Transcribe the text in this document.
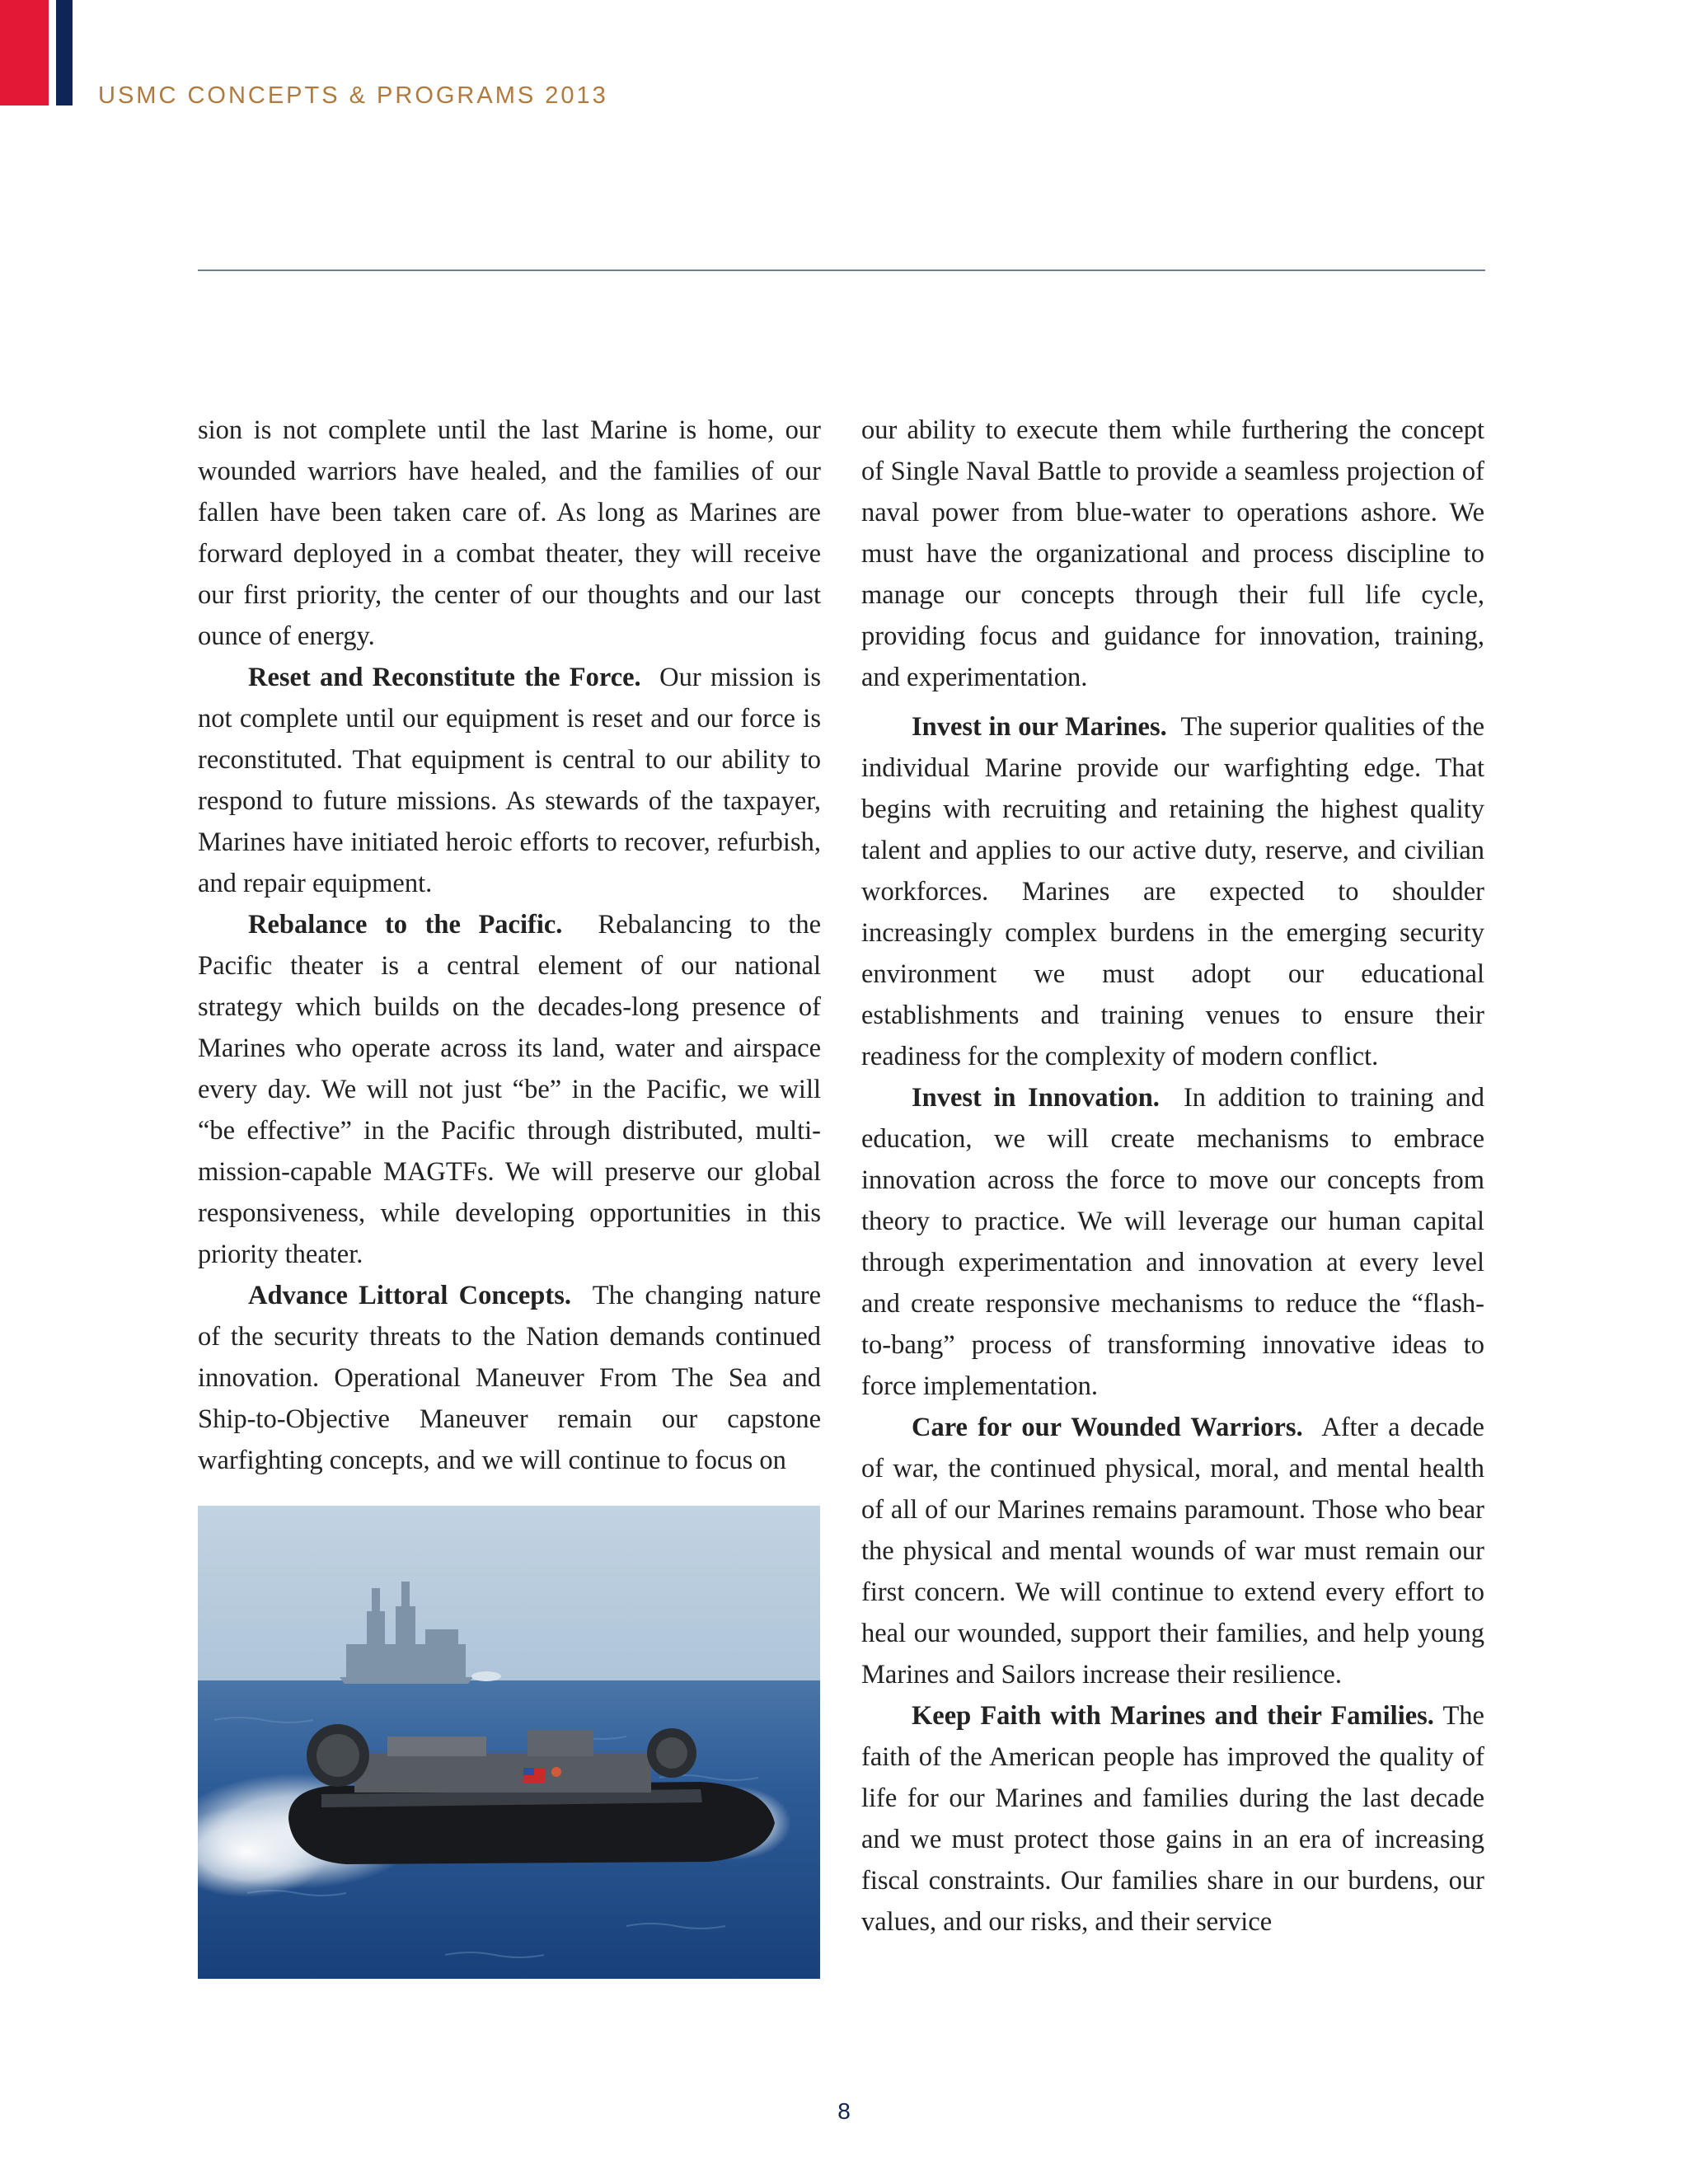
USMC CONCEPTS & PROGRAMS 2013

sion is not complete until the last Marine is home, our wounded warriors have healed, and the families of our fallen have been taken care of. As long as Marines are forward deployed in a combat theater, they will receive our first priority, the center of our thoughts and our last ounce of energy.

Reset and Reconstitute the Force. Our mission is not complete until our equipment is reset and our force is reconstituted. That equipment is central to our ability to respond to future missions. As stewards of the taxpayer, Marines have initiated heroic efforts to recover, refurbish, and repair equipment.

Rebalance to the Pacific. Rebalancing to the Pacific theater is a central element of our national strategy which builds on the decades-long presence of Marines who operate across its land, water and airspace every day. We will not just “be” in the Pacific, we will “be effective” in the Pacific through distributed, multi-mission-capable MAGTFs. We will preserve our global responsiveness, while developing opportunities in this priority theater.

Advance Littoral Concepts. The changing nature of the security threats to the Nation demands continued innovation. Operational Maneuver From The Sea and Ship-to-Objective Maneuver remain our capstone warfighting concepts, and we will continue to focus on

our ability to execute them while furthering the concept of Single Naval Battle to provide a seamless projection of naval power from blue-water to operations ashore. We must have the organizational and process discipline to manage our concepts through their full life cycle, providing focus and guidance for innovation, training, and experimentation.

Invest in our Marines. The superior qualities of the individual Marine provide our warfighting edge. That begins with recruiting and retaining the highest quality talent and applies to our active duty, reserve, and civilian workforces. Marines are expected to shoulder increasingly complex burdens in the emerging security environment we must adopt our educational establishments and training venues to ensure their readiness for the complexity of modern conflict.

Invest in Innovation. In addition to training and education, we will create mechanisms to embrace innovation across the force to move our concepts from theory to practice. We will leverage our human capital through experimentation and innovation at every level and create responsive mechanisms to reduce the “flash-to-bang” process of transforming innovative ideas to force implementation.

Care for our Wounded Warriors. After a decade of war, the continued physical, moral, and mental health of all of our Marines remains paramount. Those who bear the physical and mental wounds of war must remain our first concern. We will continue to extend every effort to heal our wounded, support their families, and help young Marines and Sailors increase their resilience.

Keep Faith with Marines and their Families. The faith of the American people has improved the quality of life for our Marines and families during the last decade and we must protect those gains in an era of increasing fiscal constraints. Our families share in our burdens, our values, and our risks, and their service

8
